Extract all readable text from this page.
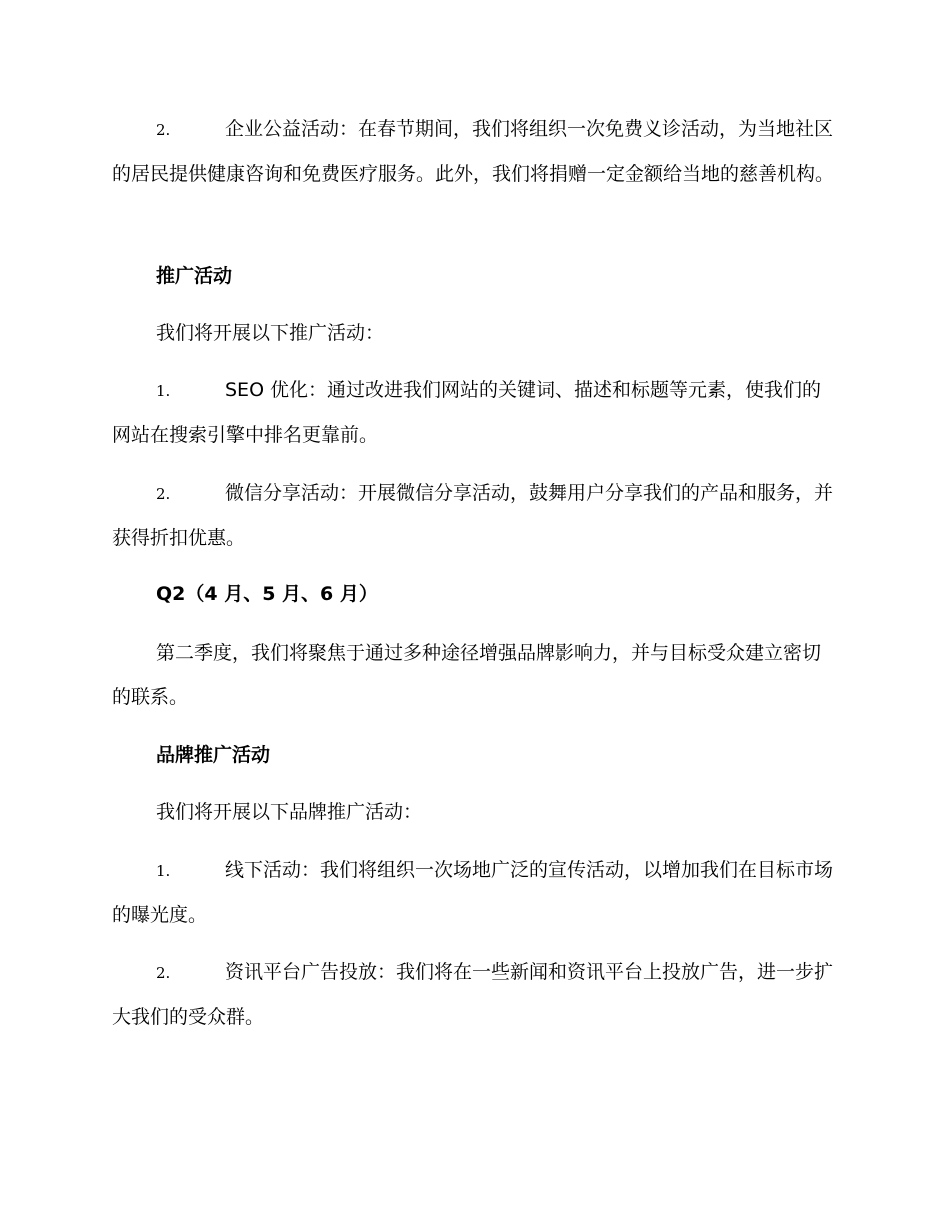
2.	企业公益活动：在春节期间，我们将组织一次免费义诊活动，为当地社区的居民提供健康咨询和免费医疗服务。此外，我们将捐赠一定金额给当地的慈善机构。

推广活动

我们将开展以下推广活动：

1.	SEO 优化：通过改进我们网站的关键词、描述和标题等元素，使我们的网站在搜索引擎中排名更靠前。

2.	微信分享活动：开展微信分享活动，鼓舞用户分享我们的产品和服务，并获得折扣优惠。

Q2（4 月、5 月、6 月）

第二季度，我们将聚焦于通过多种途径增强品牌影响力，并与目标受众建立密切的联系。

品牌推广活动

我们将开展以下品牌推广活动：

1.	线下活动：我们将组织一次场地广泛的宣传活动，以增加我们在目标市场的曝光度。

2.	资讯平台广告投放：我们将在一些新闻和资讯平台上投放广告，进一步扩大我们的受众群。
